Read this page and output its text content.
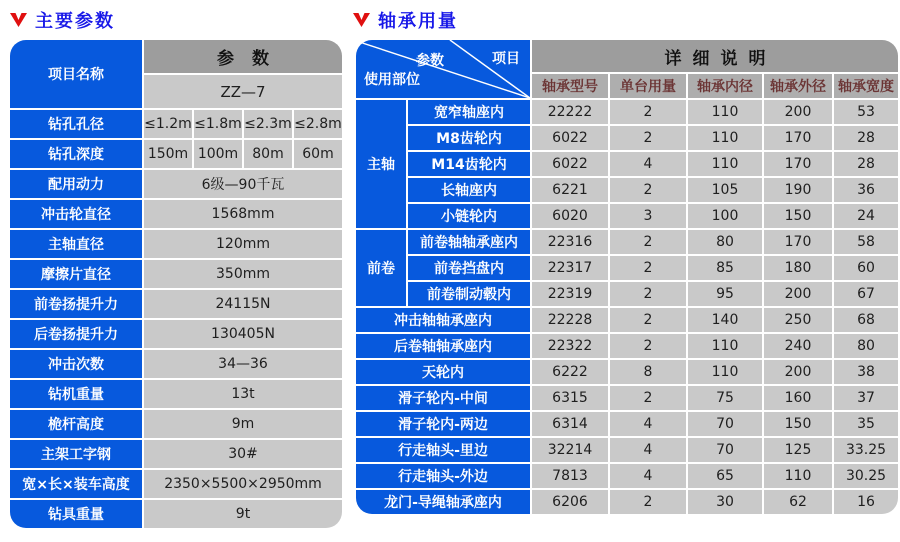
主要参数	轴承用量
项目名称	参数			
	ZZ—7			
钻孔孔径	≤1.2m	≤1.8m	≤2.3m	≤2.8m
钻孔深度	150m	100m	80m	60m
配用动力	6级—90千瓦			
冲击轮直径	1568mm			
主轴直径	120mm			
摩擦片直径	350mm			
前卷扬提升力	24115N			
后卷扬提升力	130405N			
冲击次数	34—36			
钻机重量	13t			
桅杆高度	9m			
主架工字钢	30#			
宽×长×装车高度	2350×5500×2950mm			
钻具重量	9t			
参数 项目
使用部位		详细说明				
		轴承型号	单台用量	轴承内径	轴承外径	轴承宽度
主轴	宽窄轴座内	22222	2	110	200	53
	M8齿轮内	6022	2	110	170	28
	M14齿轮内	6022	4	110	170	28
	长轴座内	6221	2	105	190	36
	小链轮内	6020	3	100	150	24
前卷	前卷轴轴承座内	22316	2	80	170	58
	前卷挡盘内	22317	2	85	180	60
	前卷制动毂内	22319	2	95	200	67
冲击轴轴承座内		22228	2	140	250	68
后卷轴轴承座内		22322	2	110	240	80
天轮内		6222	8	110	200	38
滑子轮内-中间		6315	2	75	160	37
滑子轮内-两边		6314	4	70	150	35
行走轴头-里边		32214	4	70	125	33.25
行走轴头-外边		7813	4	65	110	30.25
龙门-导绳轴承座内		6206	2	30	62	16
